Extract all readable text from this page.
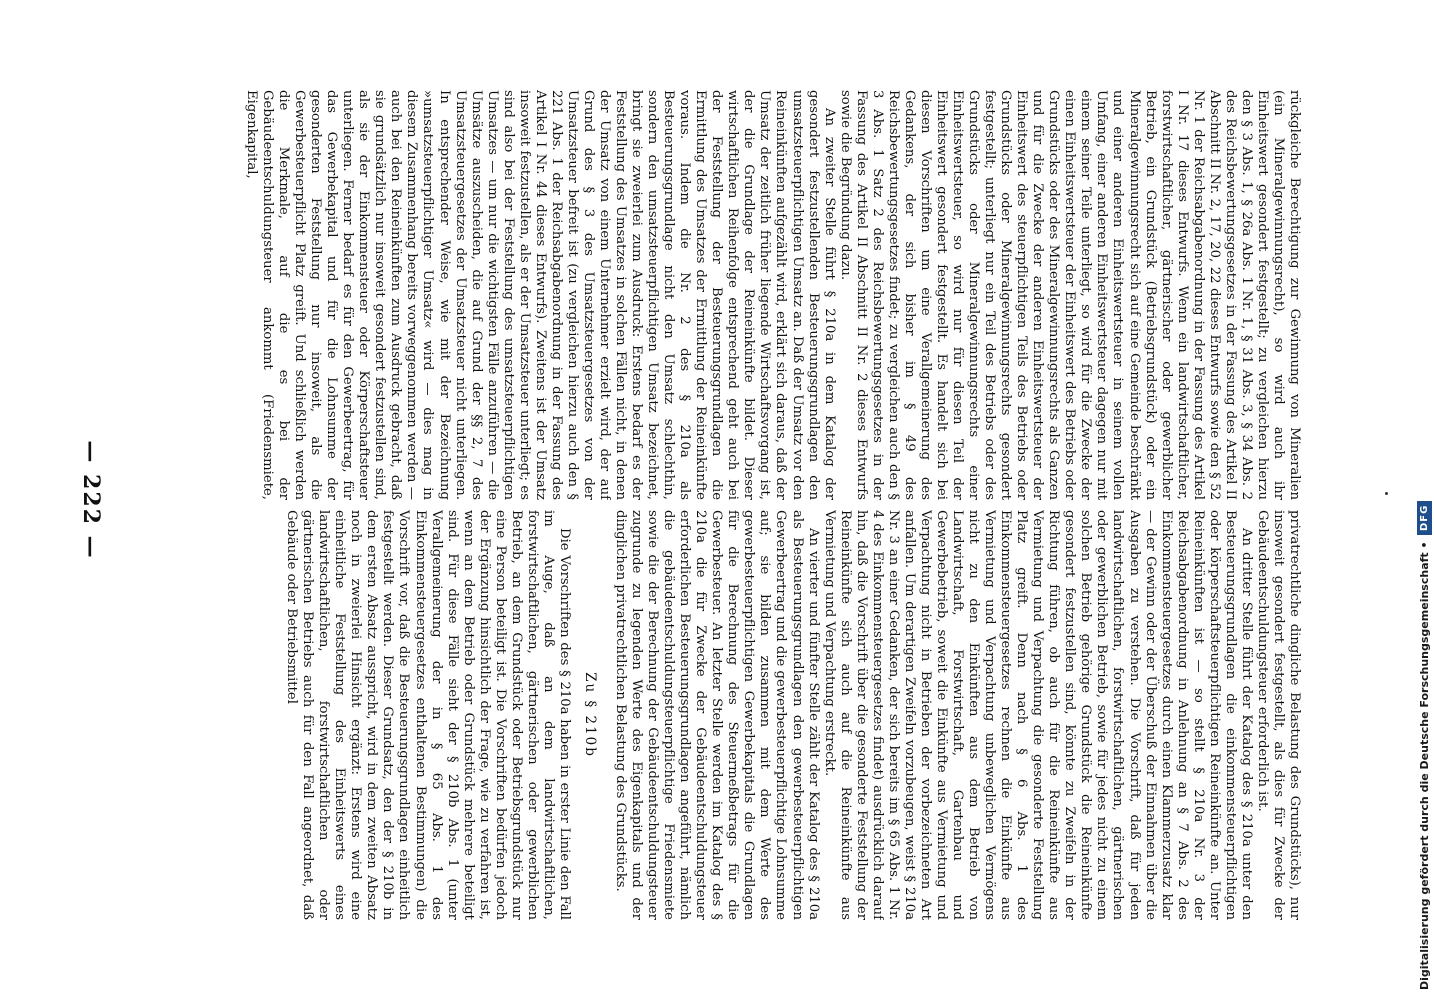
— 222 —	rückgleiche Berechtigung zur Gewinnung von Mineralien (ein Mineralgewinnungsrecht), so wird auch ihr Einheitswert gesondert festgestellt; zu vergleichen hierzu den § 3 Abs. 1, § 26a Abs. 1 Nr. 1, § 31 Abs. 3, § 34 Abs. 2 des Reichsbewertungsgesetzes in der Fassung des Artikel II Abschnitt II Nr. 2, 17, 20, 22 dieses Entwurfs sowie den § 52 Nr. 1 der Reichsabgabenordnung in der Fassung des Artikel I Nr. 17 dieses Entwurfs. Wenn ein landwirtschaftlicher, forstwirtschaftlicher, gärtnerischer oder gewerblicher Betrieb, ein Grundstück (Betriebsgrundstück) oder ein Mineralgewinnungsrecht sich auf eine Gemeinde beschränkt und einer anderen Einheitswertsteuer in seinem vollen Umfang, einer anderen Einheitswertsteuer dagegen nur mit einem seiner Teile unterliegt, so wird für die Zwecke der einen Einheitswertsteuer der Einheitswert des Betriebs oder Grundstücks oder des Mineralgewinnungsrechts als Ganzen und für die Zwecke der anderen Einheitswertsteuer der Einheitswert des steuerpflichtigen Teils des Betriebs oder Grundstücks oder Mineralgewinnungsrechts gesondert festgestellt; unterliegt nur ein Teil des Betriebs oder des Grundstücks oder Mineralgewinnungsrechts einer Einheitswertsteuer, so wird nur für diesen Teil der Einheitswert gesondert festgestellt. Es handelt sich bei diesen Vorschriften um eine Verallgemeinerung des Gedankens, der sich bisher im § 49 des Reichsbewertungsgesetzes findet; zu vergleichen auch den § 3 Abs. 1 Satz 2 des Reichsbewertungsgesetzes in der Fassung des Artikel II Abschnitt II Nr. 2 dieses Entwurfs sowie die Begründung dazu.

An zweiter Stelle führt § 210a in dem Katalog der gesondert festzustellenden Besteuerungsgrundlagen den umsatzsteuerpflichtigen Umsatz an. Daß der Umsatz vor den Reineinkünften aufgezählt wird, erklärt sich daraus, daß der Umsatz der zeitlich früher liegende Wirtschaftsvorgang ist, der die Grundlage der Reineinkünfte bildet. Dieser wirtschaftlichen Reihenfolge entsprechend geht auch bei der Feststellung der Besteuerungsgrundlagen die Ermittlung des Umsatzes der Ermittlung der Reineinkünfte voraus. Indem die Nr. 2 des § 210a als Besteuerungsgrundlage nicht den Umsatz schlechthin, sondern den umsatzsteuerpflichtigen Umsatz bezeichnet, bringt sie zweierlei zum Ausdruck: Erstens bedarf es der Feststellung des Umsatzes in solchen Fällen nicht, in denen der Umsatz von einem Unternehmer erzielt wird, der auf Grund des § 3 des Umsatzsteuergesetzes von der Umsatzsteuer befreit ist (zu vergleichen hierzu auch den § 221 Abs. 1 der Reichsabgabenordnung in der Fassung des Artikel I Nr. 44 dieses Entwurfs). Zweitens ist der Umsatz insoweit festzustellen, als er der Umsatzsteuer unterliegt; es sind also bei der Feststellung des umsatzsteuerpflichtigen Umsatzes — um nur die wichtigsten Fälle anzuführen — die Umsätze auszuscheiden, die auf Grund der §§ 2, 7 des Umsatzsteuergesetzes der Umsatzsteuer nicht unterliegen. In entsprechender Weise, wie mit der Bezeichnung »umsatzsteuerpflichtiger Umsatz« wird — dies mag in diesem Zusammenhang bereits vorweggenommen werden — auch bei den Reineinkünften zum Ausdruck gebracht, daß sie grundsätzlich nur insoweit gesondert festzustellen sind, als sie der Einkommensteuer oder Körperschaftsteuer unterliegen. Ferner bedarf es für den Gewerbeertrag, für das Gewerbekapital und für die Lohnsumme der gesonderten Feststellung nur insoweit, als die Gewerbesteuerpflicht Platz greift. Und schließlich werden die Merkmale, auf die es bei der Gebäudeentschuldungsteuer ankommt (Friedensmiete, Eigenkapital,

privatrechtliche dingliche Belastung des Grundstücks), nur insoweit gesondert festgestellt, als dies für Zwecke der Gebäudeentschuldungsteuer erforderlich ist.

An dritter Stelle führt der Katalog des § 210a unter den Besteuerungsgrundlagen die einkommensteuerpflichtigen oder körperschaftsteuerpflichtigen Reineinkünfte an. Unter Reineinkünften ist — so stellt § 210a Nr. 3 der Reichsabgabenordnung in Anlehnung an § 7 Abs. 2 des Einkommensteuergesetzes durch einen Klammerzusatz klar — der Gewinn oder der Überschuß der Einnahmen über die Ausgaben zu verstehen. Die Vorschrift, daß für jeden landwirtschaftlichen, forstwirtschaftlichen, gärtnerischen oder gewerblichen Betrieb, sowie für jedes nicht zu einem solchen Betrieb gehörige Grundstück die Reineinkünfte gesondert festzustellen sind, könnte zu Zweifeln in der Richtung führen, ob auch für die Reineinkünfte aus Vermietung und Verpachtung die gesonderte Feststellung Platz greift. Denn nach § 6 Abs. 1 des Einkommensteuergesetzes rechnen die Einkünfte aus Vermietung und Verpachtung unbeweglichen Vermögens nicht zu den Einkünften aus dem Betrieb von Landwirtschaft, Forstwirtschaft, Gartenbau und Gewerbebetrieb, soweit die Einkünfte aus Vermietung und Verpachtung nicht in Betrieben der vorbezeichneten Art anfallen. Um derartigen Zweifeln vorzubeugen, weist § 210a Nr. 3 an einer Gedanken, der sich bereits im § 65 Abs. 1 Nr. 4 des Einkommensteuergesetzes findet) ausdrücklich darauf hin, daß die Vorschrift über die gesonderte Feststellung der Reineinkünfte sich auch auf die Reineinkünfte aus Vermietung und Verpachtung erstreckt.

An vierter und fünfter Stelle zählt der Katalog des § 210a als Besteuerungsgrundlagen den gewerbesteuerpflichtigen Gewerbeertrag und die gewerbesteuerpflichtige Lohnsumme auf; sie bilden zusammen mit dem Werte des gewerbesteuerpflichtigen Gewerbekapitals die Grundlagen für die Berechnung des Steuermeßbetrags für die Gewerbesteuer. An letzter Stelle werden im Katalog des § 210a die für Zwecke der Gebäudeentschuldungsteuer erforderlichen Besteuerungsgrundlagen angeführt, nämlich die gebäudeentschuldungsteuerpflichtige Friedensmiete sowie die der Berechnung der Gebäudeentschuldungsteuer zugrunde zu legenden Werte des Eigenkapitals und der dinglichen privatrechtlichen Belastung des Grundstücks.

Zu § 210b

Die Vorschriften des § 210a haben in erster Linie den Fall im Auge, daß an dem landwirtschaftlichen, forstwirtschaftlichen, gärtnerischen oder gewerblichen Betrieb, an dem Grundstück oder Betriebsgrundstück nur eine Person beteiligt ist. Die Vorschriften bedürfen jedoch der Ergänzung hinsichtlich der Frage, wie zu verfahren ist, wenn an dem Betrieb oder Grundstück mehrere beteiligt sind. Für diese Fälle sieht der § 210b Abs. 1 (unter Verallgemeinerung der in § 65 Abs. 1 des Einkommensteuergesetzes enthaltenen Bestimmungen) die Vorschrift vor, daß die Besteuerungsgrundlagen einheitlich festgestellt werden. Dieser Grundsatz, den der § 210b in dem ersten Absatz ausspricht, wird in dem zweiten Absatz noch in zweierlei Hinsicht ergänzt: Erstens wird eine einheitliche Feststellung des Einheitswerts eines landwirtschaftlichen, forstwirtschaftlichen oder gärtnerischen Betriebs auch für den Fall angeordnet, daß Gebäude oder Betriebsmittel	Digitalisierung gefördert durch die Deutsche Forschungsgemeinschaft •
DFG
